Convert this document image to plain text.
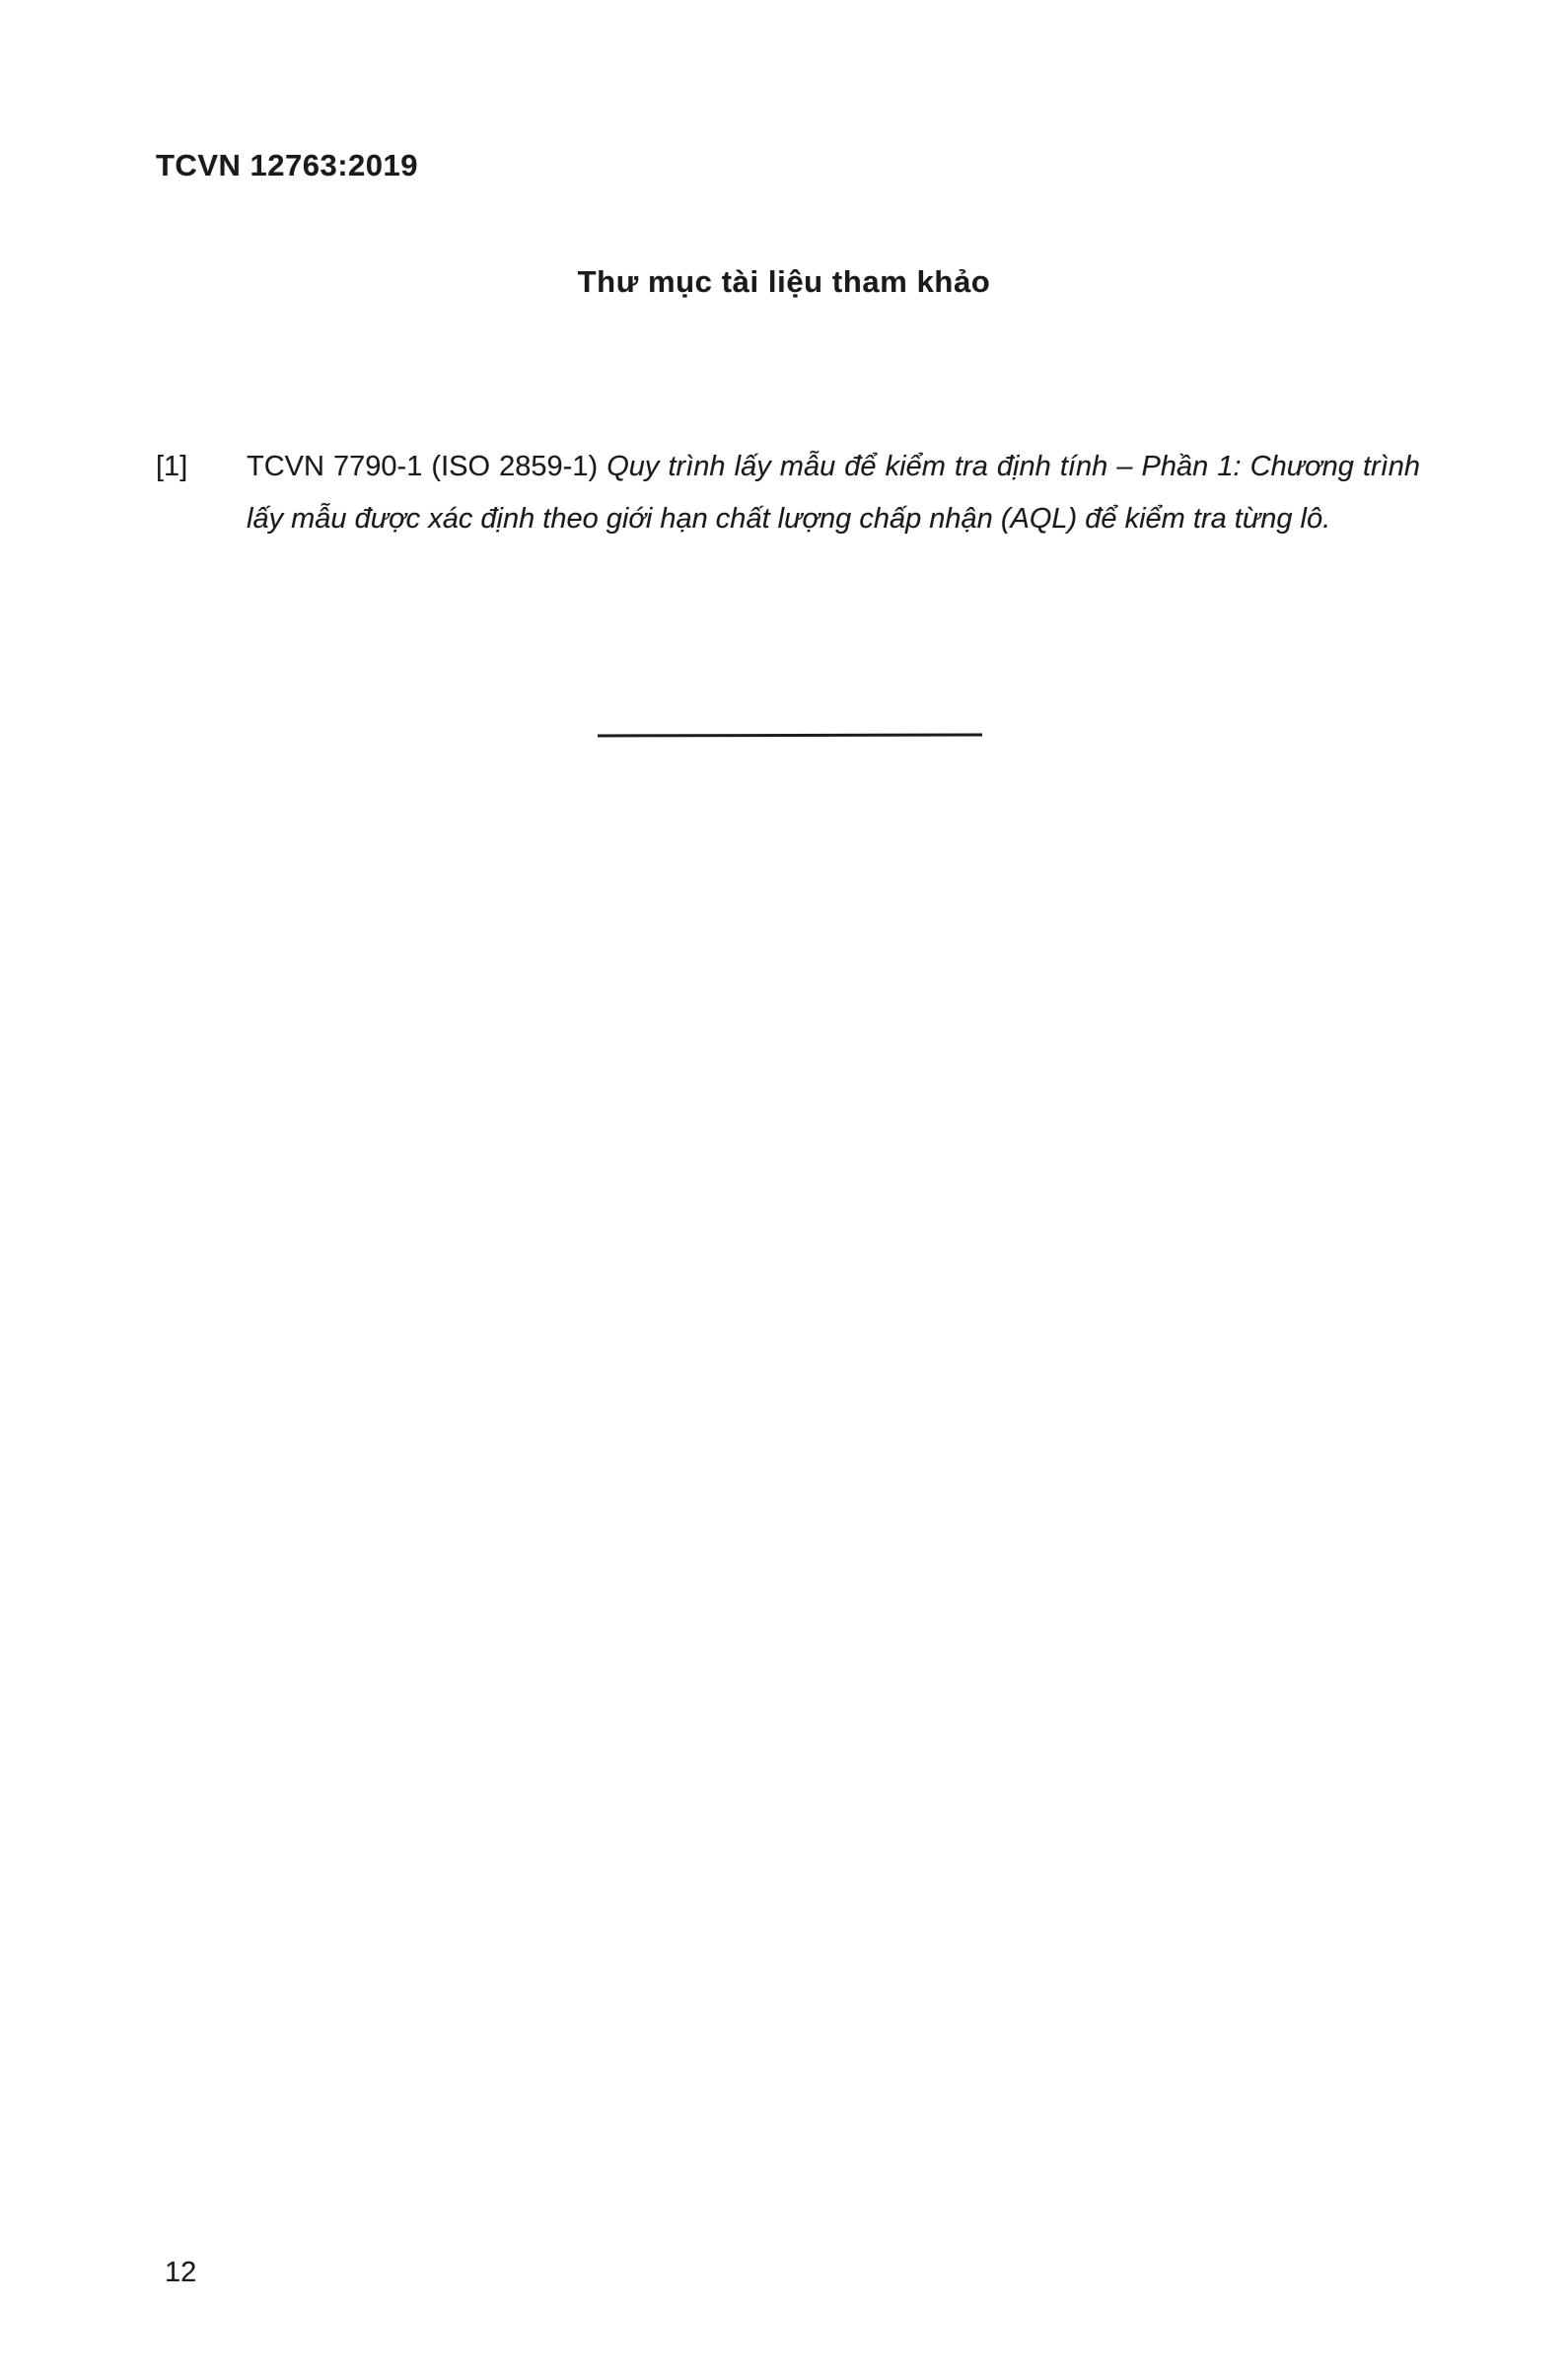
TCVN 12763:2019
Thư mục tài liệu tham khảo
[1] TCVN 7790-1 (ISO 2859-1) Quy trình lấy mẫu để kiểm tra định tính – Phần 1: Chương trình
lấy mẫu được xác định theo giới hạn chất lượng chấp nhận (AQL) để kiểm tra từng lô.
12
